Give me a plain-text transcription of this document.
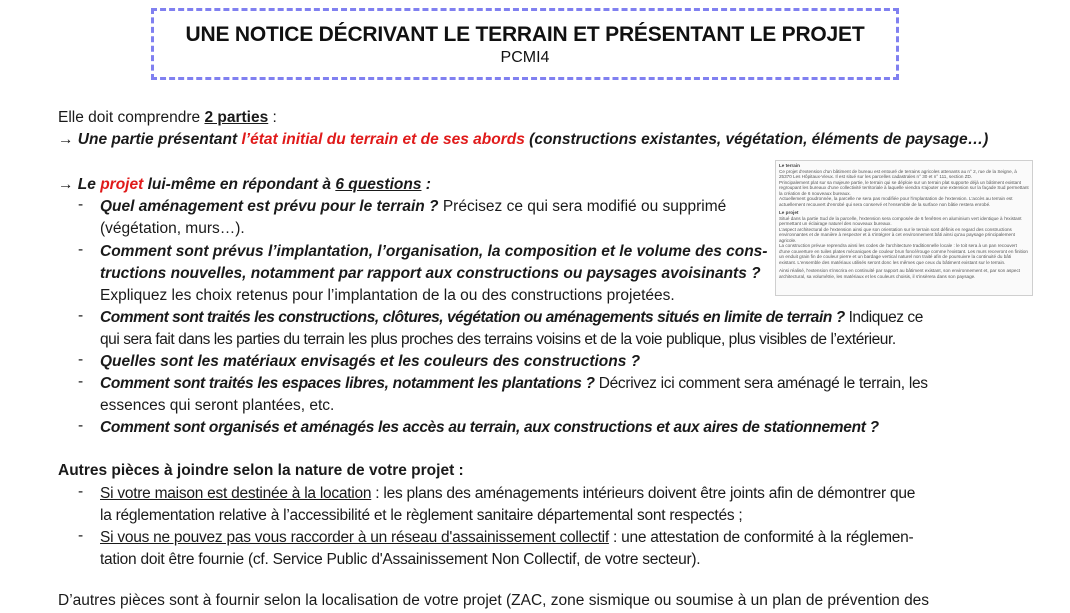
UNE NOTICE DÉCRIVANT LE TERRAIN ET PRÉSENTANT LE PROJET
PCMI4
Elle doit comprendre 2 parties :
→ Une partie présentant l’état initial du terrain et de ses abords (constructions existantes, végétation, éléments de paysage…)
→ Le projet lui-même en répondant à 6 questions :
- Quel aménagement est prévu pour le terrain ? Précisez ce qui sera modifié ou supprimé
(végétation, murs…).
- Comment sont prévus l’implantation, l’organisation, la composition et le volume des cons-
tructions nouvelles, notamment par rapport aux constructions ou paysages avoisinants ?
Expliquez les choix retenus pour l’implantation de la ou des constructions projetées.
- Comment sont traités les constructions, clôtures, végétation ou aménagements situés en limite de terrain ? Indiquez ce
qui sera fait dans les parties du terrain les plus proches des terrains voisins et de la voie publique, plus visibles de l’extérieur.
- Quelles sont les matériaux envisagés et les couleurs des constructions ?
- Comment sont traités les espaces libres, notamment les plantations ? Décrivez ici comment sera aménagé le terrain, les
essences qui seront plantées, etc.
- Comment sont organisés et aménagés les accès au terrain, aux constructions et aux aires de stationnement ?
Le terrain
Ce projet d'extension d'un bâtiment de bureau est entouré de terrains agricoles attenants au n° 2, rue de la Seigne, à 25370 Les Hôpitaux-Vieux. Il est situé sur les parcelles cadastrales n° 30 et n° 111, section ZD.
Principalement plat sur sa majeure partie, le terrain qui se déploie sur un terrain plat supporte déjà un bâtiment existant regroupant les bureaux d'une collectivité territoriale à laquelle viendra s'ajouter une extension sur la façade Sud permettant la création de 6 nouveaux bureaux.

Actuellement goudronnée, la parcelle ne sera pas modifiée pour l'implantation de l'extension. L'accès au terrain est actuellement recouvert d'enrobé qui sera conservé et l'ensemble de la surface non bâtie restera enrobé.

Le projet
Situé dans la partie Sud de la parcelle, l'extension sera composée de 6 fenêtres en aluminium vert identique à l'existant permettant un éclairage naturel des nouveaux bureaux.
L'aspect architectural de l'extension ainsi que son orientation sur le terrain sont définis en regard des constructions environnantes et de manière à respecter et à s'intégrer à cet environnement bâti ainsi qu'au paysage principalement agricole.

La construction prévue reprendra ainsi les codes de l'architecture traditionnelle locale : le toit sera à un pan recouvert d'une couverture en tuiles plates mécaniques de couleur brun foncé/rouge comme l'existant. Les murs recevront en finition un enduit grain fin de couleur pierre et un bardage vertical naturel non traité afin de poursuivre la continuité du bâti existant. L'ensemble des matériaux utilisés seront donc les mêmes que ceux du bâtiment existant sur le terrain.

Ainsi réalisé, l'extension s'inscrira en continuité par rapport au bâtiment existant, son environnement et, par son aspect architectural, sa volumétrie, les matériaux et les couleurs choisis, il s'insèrera dans son paysage.
Autres pièces à joindre selon la nature de votre projet :
- Si votre maison est destinée à la location : les plans des aménagements intérieurs doivent être joints afin de démontrer que
la réglementation relative à l’accessibilité et le règlement sanitaire départemental sont respectés ;
- Si vous ne pouvez pas vous raccorder à un réseau d'assainissement collectif : une attestation de conformité à la réglemen-
tation doit être fournie (cf. Service Public d'Assainissement Non Collectif, de votre secteur).
D’autres pièces sont à fournir selon la localisation de votre projet (ZAC, zone sismique ou soumise à un plan de prévention des
